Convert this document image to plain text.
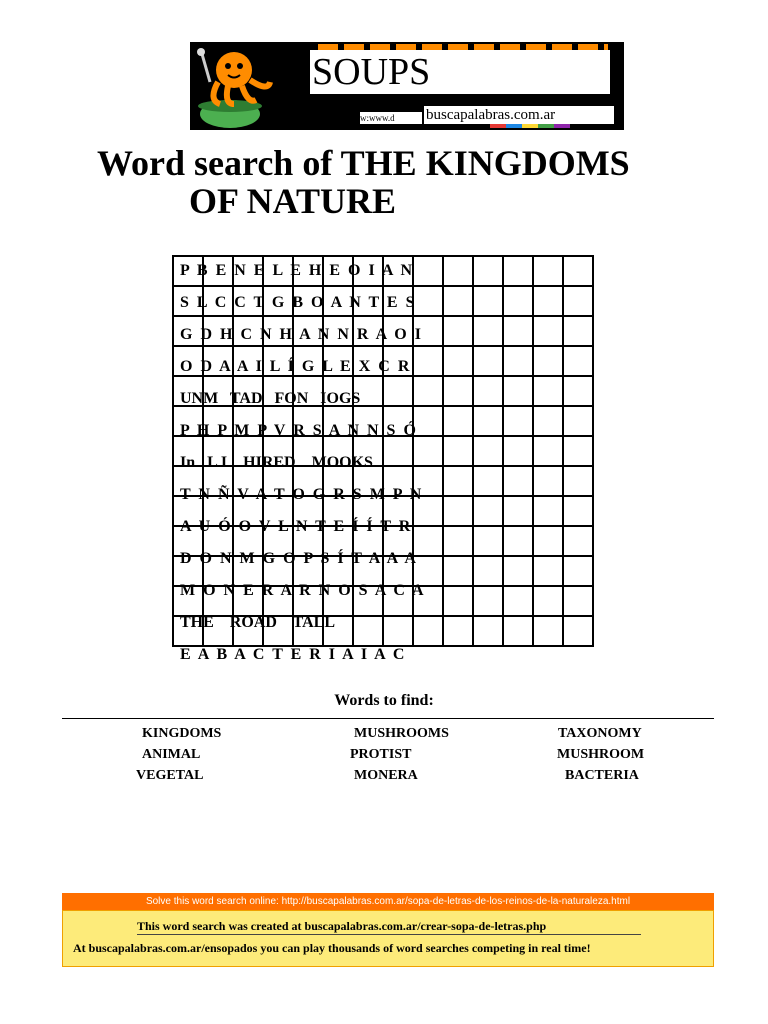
SOUPS
w:www.d	buscapalabras.com.ar
Word search of THE KINGDOMS
OF NATURE

P  B  E  N  E  L  E  H  E  O  I  A  N
S  L  C  C  T  G  B  O  A  N  T  E  S
G  D  H  C  N  H  A  N  N  R  A  O  I
O  D  A  A  I  L  Í  G  L  E  X  C  R
UNM   TAD   FON   IOGS
P  H  P  M  P  V  R  S  A  N  N  S  Ó
In   L I    HIRED    MOOKS
T  N  Ñ  V  A  T  O  G  R  S  M  P  N
A  U  Ó  O  V  L  N  T  E  Í  Í  T  R
D  O  N  M  G  O  P  S  Í  T  A  A  A
M  O  N  E  R  A  R  N  O  S  A  C  A
THE    ROAD    TALL
E  A  B  A  C  T  E  R  I  A  I  A  C

Words to find:

KINGDOMS	MUSHROOMS	TAXONOMY
ANIMAL	PROTIST	MUSHROOM
VEGETAL	MONERA	BACTERIA
Solve this word search online: http://buscapalabras.com.ar/sopa-de-letras-de-los-reinos-de-la-naturaleza.html
This word search was created at buscapalabras.com.ar/crear-sopa-de-letras.php
At buscapalabras.com.ar/ensopados you can play thousands of word searches competing in real time!
